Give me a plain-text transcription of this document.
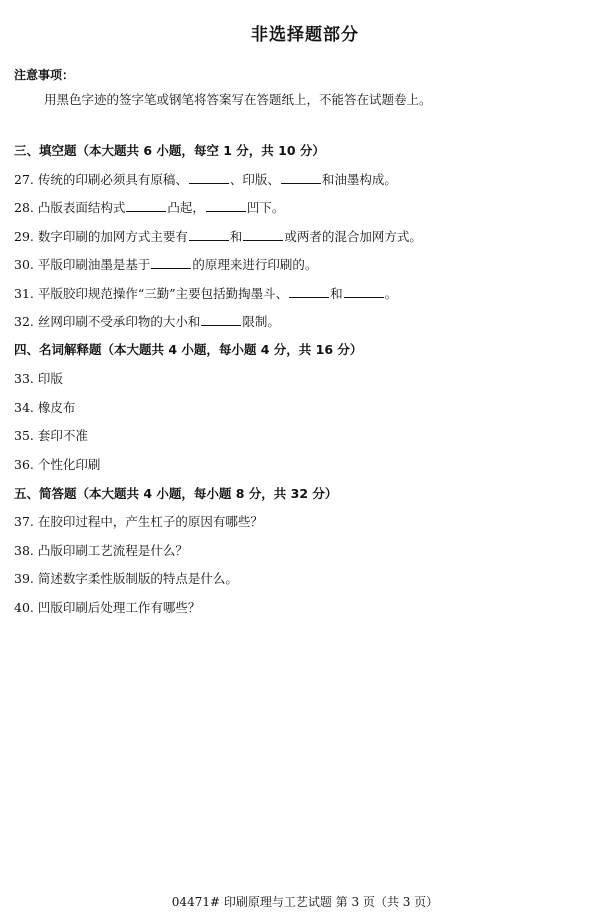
非选择题部分
注意事项：
用黑色字迹的签字笔或钢笔将答案写在答题纸上，不能答在试题卷上。
三、填空题（本大题共 6 小题，每空 1 分，共 10 分）
27. 传统的印刷必须具有原稿、	、印版、	和油墨构成。
28. 凸版表面结构式	凸起，	凹下。
29. 数字印刷的加网方式主要有	和	或两者的混合加网方式。
30. 平版印刷油墨是基于	的原理来进行印刷的。
31. 平版胶印规范操作“三勤”主要包括勤掏墨斗、	和	。
32. 丝网印刷不受承印物的大小和	限制。
四、名词解释题（本大题共 4 小题，每小题 4 分，共 16 分）
33. 印版
34. 橡皮布
35. 套印不准
36. 个性化印刷
五、简答题（本大题共 4 小题，每小题 8 分，共 32 分）
37. 在胶印过程中，产生杠子的原因有哪些？
38. 凸版印刷工艺流程是什么？
39. 简述数字柔性版制版的特点是什么。
40. 凹版印刷后处理工作有哪些？
04471# 印刷原理与工艺试题 第 3 页（共 3 页）
